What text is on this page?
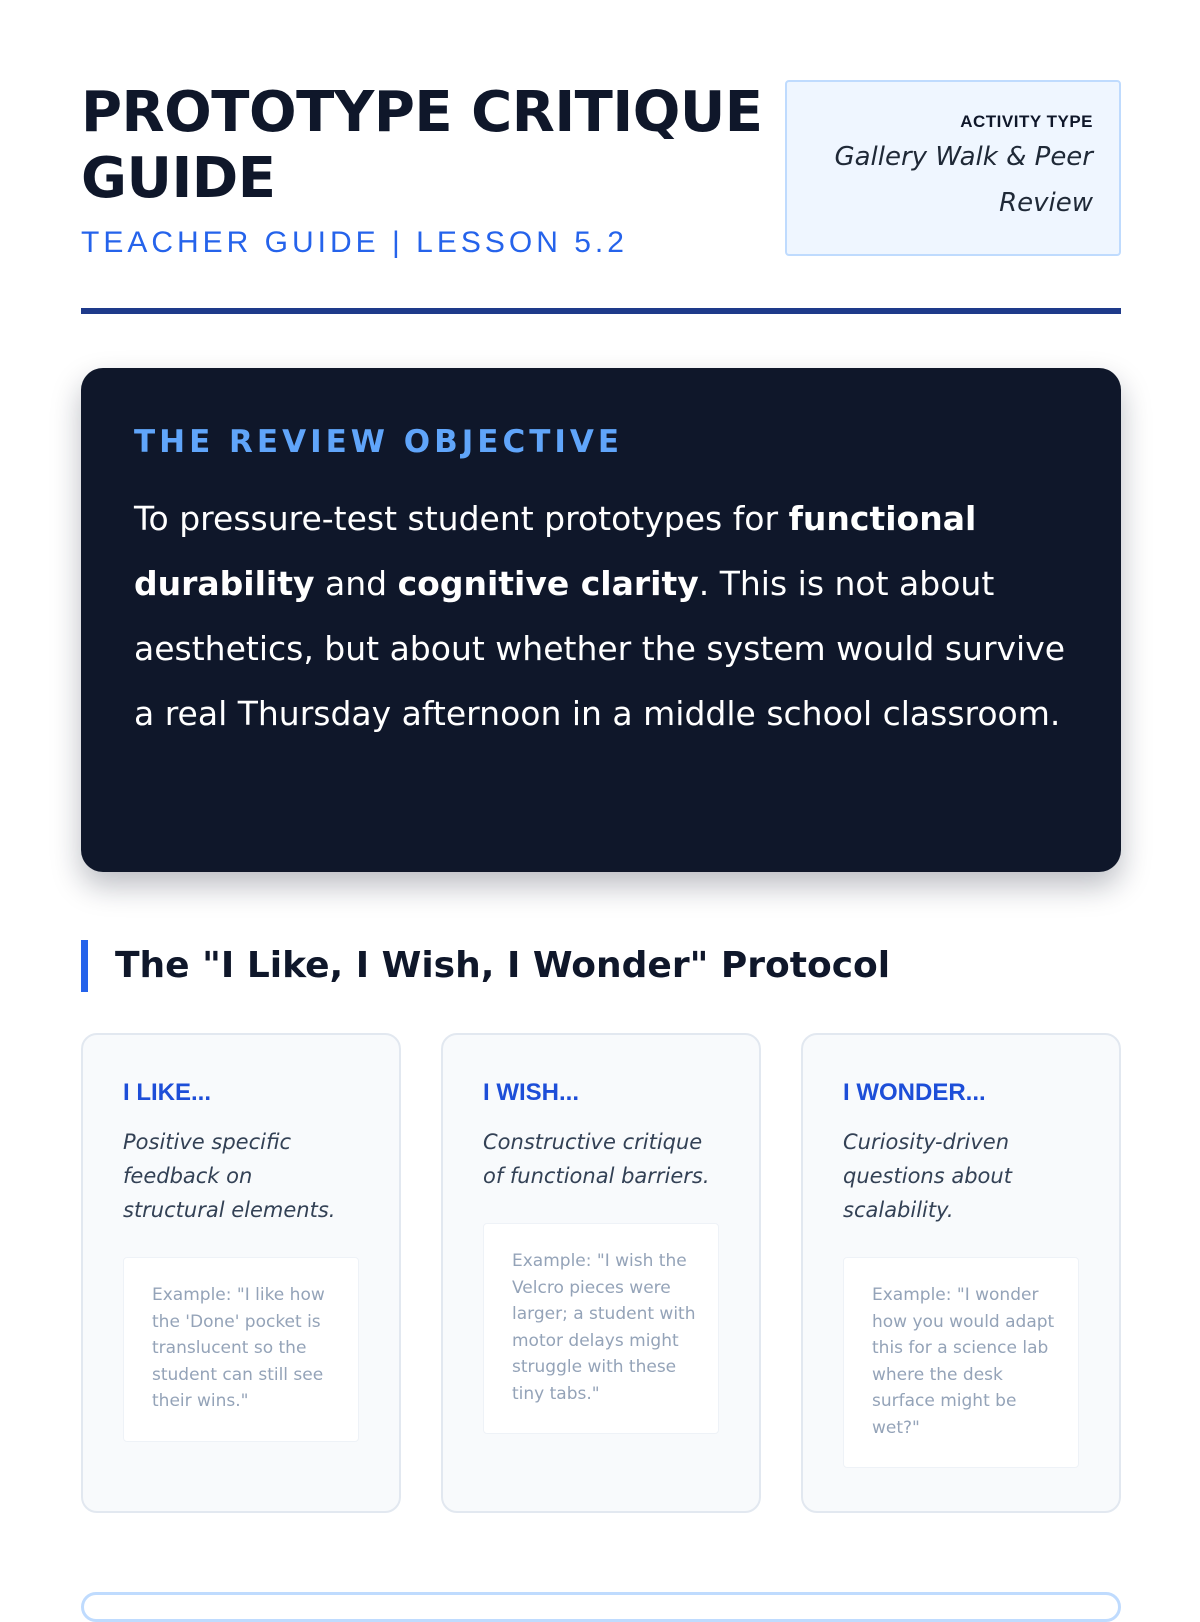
PROTOTYPE CRITIQUE GUIDE
TEACHER GUIDE | LESSON 5.2
ACTIVITY TYPE
Gallery Walk & Peer Review
THE REVIEW OBJECTIVE
To pressure-test student prototypes for functional durability and cognitive clarity. This is not about aesthetics, but about whether the system would survive a real Thursday afternoon in a middle school classroom.
The "I Like, I Wish, I Wonder" Protocol
I LIKE...
Positive specific feedback on structural elements.
Example: "I like how the 'Done' pocket is translucent so the student can still see their wins."
I WISH...
Constructive critique of functional barriers.
Example: "I wish the Velcro pieces were larger; a student with motor delays might struggle with these tiny tabs."
I WONDER...
Curiosity-driven questions about scalability.
Example: "I wonder how you would adapt this for a science lab where the desk surface might be wet?"
